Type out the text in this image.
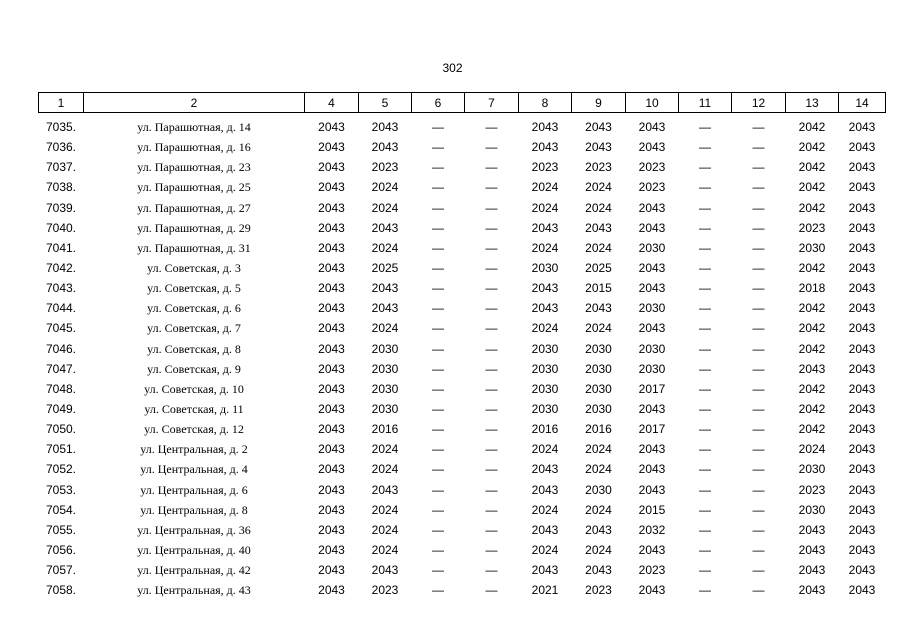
302
1	2	4	5	6	7	8	9	10	11	12	13	14
7035.	ул. Парашютная, д. 14	2043	2043	—	—	2043	2043	2043	—	—	2042	2043
7036.	ул. Парашютная, д. 16	2043	2043	—	—	2043	2043	2043	—	—	2042	2043
7037.	ул. Парашютная, д. 23	2043	2023	—	—	2023	2023	2023	—	—	2042	2043
7038.	ул. Парашютная, д. 25	2043	2024	—	—	2024	2024	2023	—	—	2042	2043
7039.	ул. Парашютная, д. 27	2043	2024	—	—	2024	2024	2043	—	—	2042	2043
7040.	ул. Парашютная, д. 29	2043	2043	—	—	2043	2043	2043	—	—	2023	2043
7041.	ул. Парашютная, д. 31	2043	2024	—	—	2024	2024	2030	—	—	2030	2043
7042.	ул. Советская, д. 3	2043	2025	—	—	2030	2025	2043	—	—	2042	2043
7043.	ул. Советская, д. 5	2043	2043	—	—	2043	2015	2043	—	—	2018	2043
7044.	ул. Советская, д. 6	2043	2043	—	—	2043	2043	2030	—	—	2042	2043
7045.	ул. Советская, д. 7	2043	2024	—	—	2024	2024	2043	—	—	2042	2043
7046.	ул. Советская, д. 8	2043	2030	—	—	2030	2030	2030	—	—	2042	2043
7047.	ул. Советская, д. 9	2043	2030	—	—	2030	2030	2030	—	—	2043	2043
7048.	ул. Советская, д. 10	2043	2030	—	—	2030	2030	2017	—	—	2042	2043
7049.	ул. Советская, д. 11	2043	2030	—	—	2030	2030	2043	—	—	2042	2043
7050.	ул. Советская, д. 12	2043	2016	—	—	2016	2016	2017	—	—	2042	2043
7051.	ул. Центральная, д. 2	2043	2024	—	—	2024	2024	2043	—	—	2024	2043
7052.	ул. Центральная, д. 4	2043	2024	—	—	2043	2024	2043	—	—	2030	2043
7053.	ул. Центральная, д. 6	2043	2043	—	—	2043	2030	2043	—	—	2023	2043
7054.	ул. Центральная, д. 8	2043	2024	—	—	2024	2024	2015	—	—	2030	2043
7055.	ул. Центральная, д. 36	2043	2024	—	—	2043	2043	2032	—	—	2043	2043
7056.	ул. Центральная, д. 40	2043	2024	—	—	2024	2024	2043	—	—	2043	2043
7057.	ул. Центральная, д. 42	2043	2043	—	—	2043	2043	2023	—	—	2043	2043
7058.	ул. Центральная, д. 43	2043	2023	—	—	2021	2023	2043	—	—	2043	2043
